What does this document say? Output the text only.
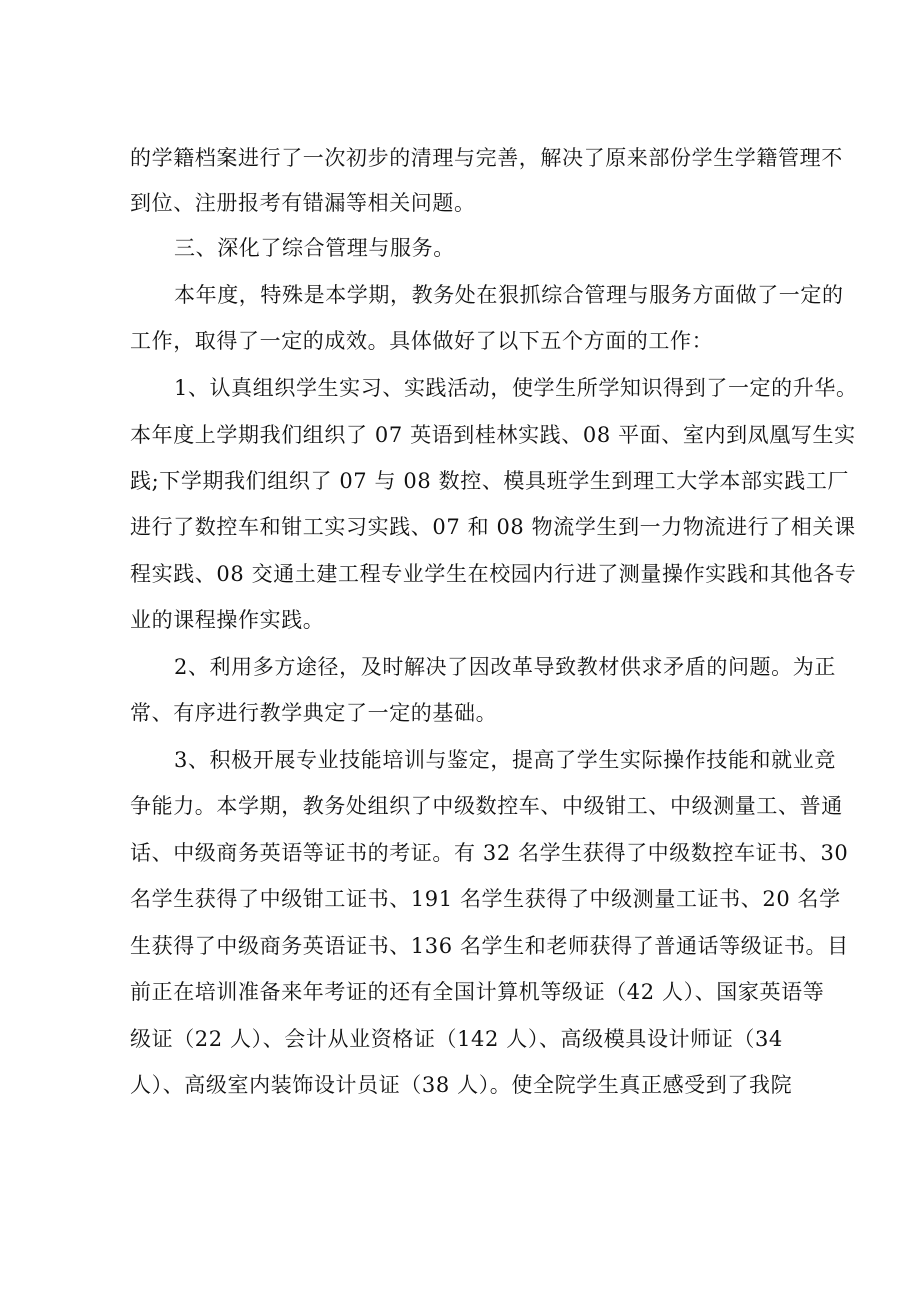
的学籍档案进行了一次初步的清理与完善，解决了原来部份学生学籍管理不
到位、注册报考有错漏等相关问题。
三、深化了综合管理与服务。
本年度，特殊是本学期，教务处在狠抓综合管理与服务方面做了一定的
工作，取得了一定的成效。具体做好了以下五个方面的工作：
1、认真组织学生实习、实践活动，使学生所学知识得到了一定的升华。
本年度上学期我们组织了 07 英语到桂林实践、08 平面、室内到凤凰写生实
践;下学期我们组织了 07 与 08 数控、模具班学生到理工大学本部实践工厂
进行了数控车和钳工实习实践、07 和 08 物流学生到一力物流进行了相关课
程实践、08 交通土建工程专业学生在校园内行进了测量操作实践和其他各专
业的课程操作实践。
2、利用多方途径，及时解决了因改革导致教材供求矛盾的问题。为正
常、有序进行教学典定了一定的基础。
3、积极开展专业技能培训与鉴定，提高了学生实际操作技能和就业竞
争能力。本学期，教务处组织了中级数控车、中级钳工、中级测量工、普通
话、中级商务英语等证书的考证。有 32 名学生获得了中级数控车证书、30
名学生获得了中级钳工证书、191 名学生获得了中级测量工证书、20 名学
生获得了中级商务英语证书、136 名学生和老师获得了普通话等级证书。目
前正在培训准备来年考证的还有全国计算机等级证（42 人）、国家英语等
级证（22 人）、会计从业资格证（142 人）、高级模具设计师证（34
人）、高级室内装饰设计员证（38 人）。使全院学生真正感受到了我院
